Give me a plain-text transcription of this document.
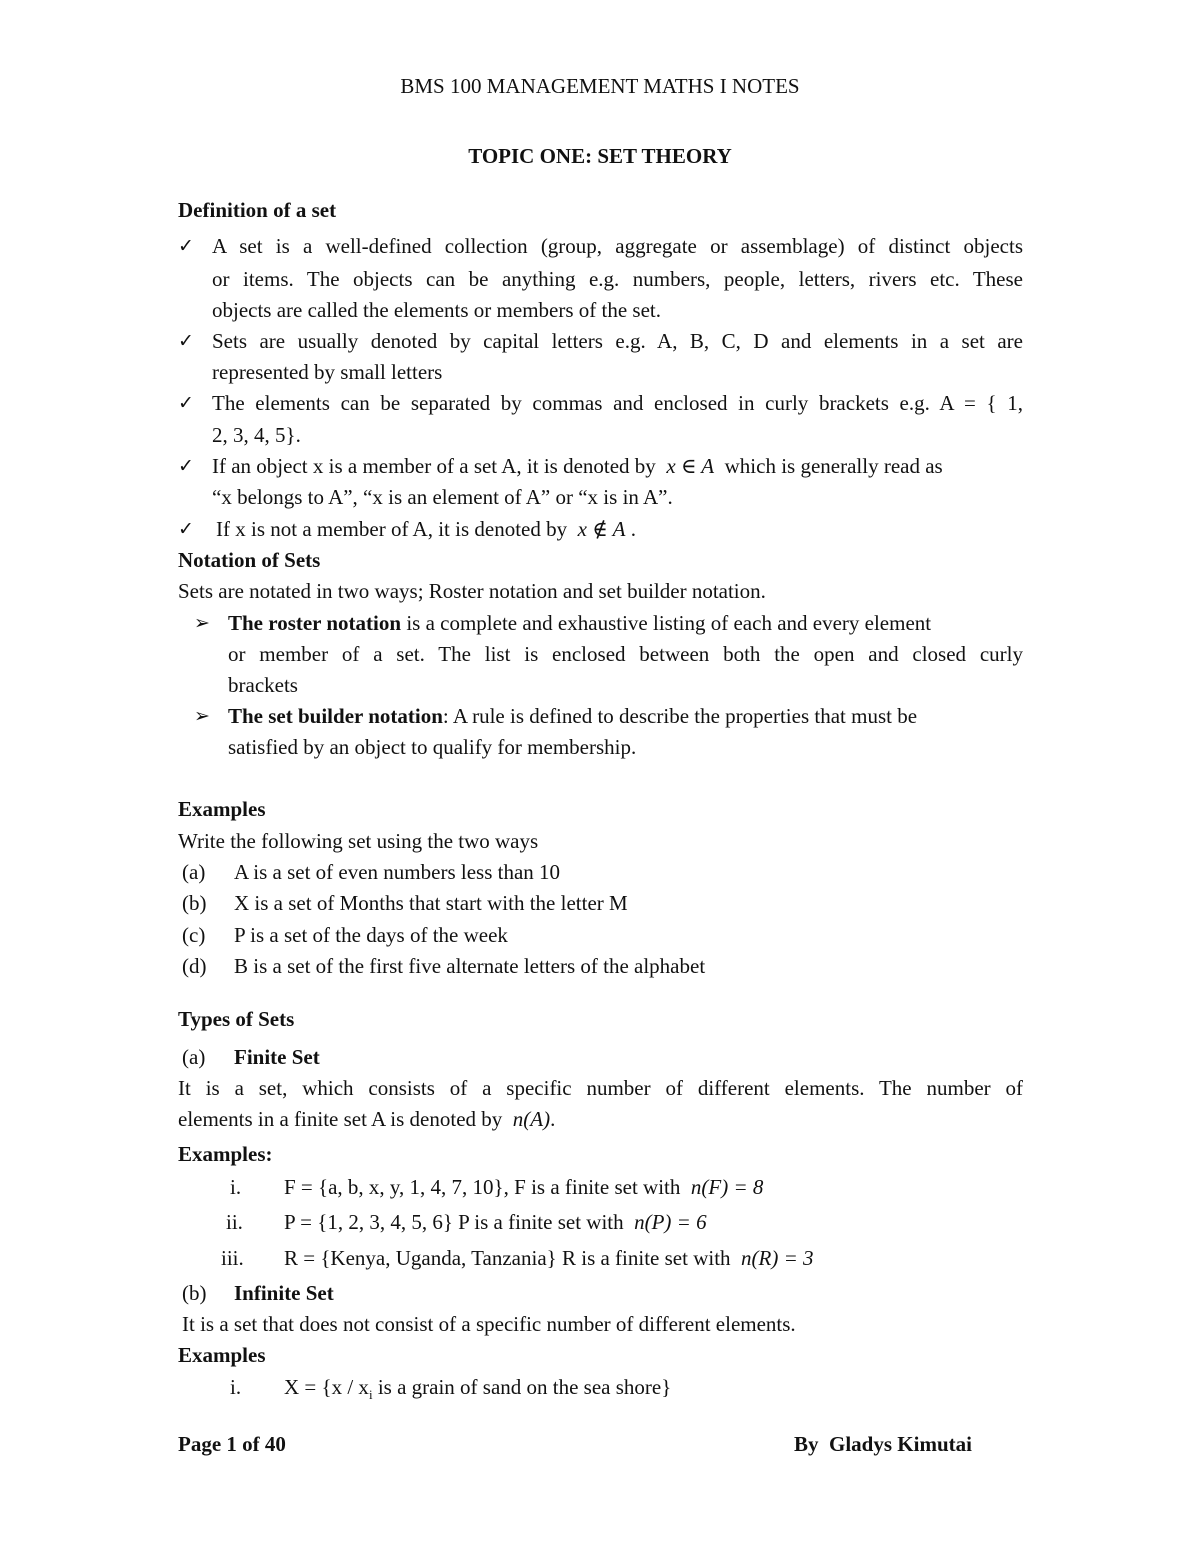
BMS 100 MANAGEMENT MATHS I NOTES
TOPIC ONE: SET THEORY
Definition of a set
✓ A set is a well-defined collection (group, aggregate or assemblage) of distinct objects
or items. The objects can be anything e.g. numbers, people, letters, rivers etc. These
objects are called the elements or members of the set.
✓ Sets are usually denoted by capital letters e.g. A, B, C, D and elements in a set are
represented by small letters
✓ The elements can be separated by commas and enclosed in curly brackets e.g. A = { 1,
2, 3, 4, 5}.
✓ If an object x is a member of a set A, it is denoted by x ∈ A which is generally read as
“x belongs to A”, “x is an element of A” or “x is in A”.
✓ If x is not a member of A, it is denoted by x ∉ A .
Notation of Sets
Sets are notated in two ways; Roster notation and set builder notation.
➢ The roster notation is a complete and exhaustive listing of each and every element
or member of a set. The list is enclosed between both the open and closed curly
brackets
➢ The set builder notation: A rule is defined to describe the properties that must be
satisfied by an object to qualify for membership.
Examples
Write the following set using the two ways
(a) A is a set of even numbers less than 10
(b) X is a set of Months that start with the letter M
(c) P is a set of the days of the week
(d) B is a set of the first five alternate letters of the alphabet
Types of Sets
(a) Finite Set
It is a set, which consists of a specific number of different elements. The number of
elements in a finite set A is denoted by n(A).
Examples:
i. F = {a, b, x, y, 1, 4, 7, 10}, F is a finite set with n(F) = 8
ii. P = {1, 2, 3, 4, 5, 6} P is a finite set with n(P) = 6
iii. R = {Kenya, Uganda, Tanzania} R is a finite set with n(R) = 3
(b) Infinite Set
It is a set that does not consist of a specific number of different elements.
Examples
i. $X = \{x / x_i$ is a grain of sand on the sea shore}
Page 1 of 40	By  Gladys Kimutai
